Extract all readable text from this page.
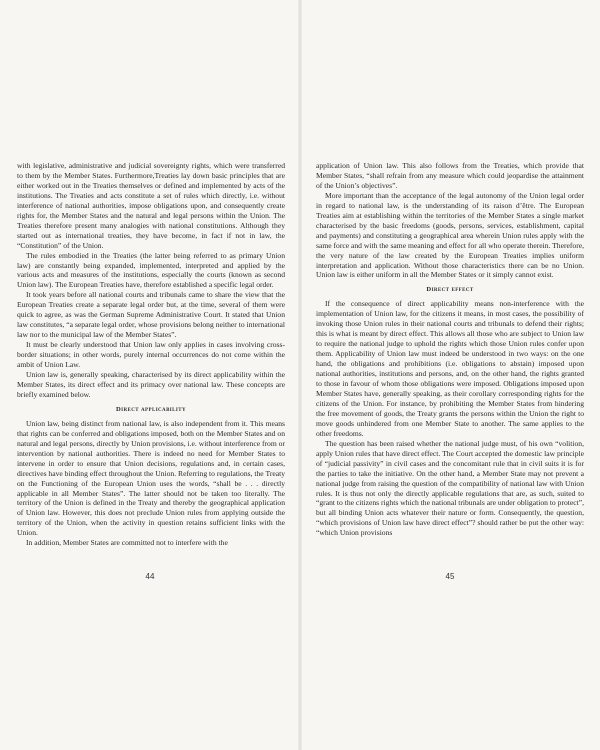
with legislative, administrative and judicial sovereignty rights, which were transferred to them by the Member States. Furthermore,Treaties lay down basic principles that are either worked out in the Treaties themselves or defined and implemented by acts of the institutions. The Treaties and acts constitute a set of rules which directly, i.e. without interference of national authorities, impose obligations upon, and consequently create rights for, the Member States and the natural and legal persons within the Union. The Treaties therefore present many analogies with national constitutions. Although they started out as international treaties, they have become, in fact if not in law, the “Constitution” of the Union.

The rules embodied in the Treaties (the latter being referred to as primary Union law) are constantly being expanded, implemented, interpreted and applied by the various acts and measures of the institutions, especially the courts (known as second Union law). The European Treaties have, therefore established a specific legal order.

It took years before all national courts and tribunals came to share the view that the European Treaties create a separate legal order but, at the time, several of them were quick to agree, as was the German Supreme Administrative Court. It stated that Union law constitutes, “a separate legal order, whose provisions belong neither to international law nor to the municipal law of the Member States”.

It must be clearly understood that Union law only applies in cases involving cross-border situations; in other words, purely internal occurrences do not come within the ambit of Union Law.

Union law is, generally speaking, characterised by its direct applicability within the Member States, its direct effect and its primacy over national law. These concepts are briefly examined below.

Direct applicability

Union law, being distinct from national law, is also independent from it. This means that rights can be conferred and obligations imposed, both on the Member States and on natural and legal persons, directly by Union provisions, i.e. without interference from or intervention by national authorities. There is indeed no need for Member States to intervene in order to ensure that Union decisions, regulations and, in certain cases, directives have binding effect throughout the Union. Referring to regulations, the Treaty on the Functioning of the European Union uses the words, “shall be . . . directly applicable in all Member States”. The latter should not be taken too literally. The territory of the Union is defined in the Treaty and thereby the geographical application of Union law. However, this does not preclude Union rules from applying outside the territory of the Union, when the activity in question retains sufficient links with the Union.

In addition, Member States are committed not to interfere with the

44

application of Union law. This also follows from the Treaties, which provide that Member States, “shall refrain from any measure which could jeopardise the attainment of the Union’s objectives”.

More important than the acceptance of the legal autonomy of the Union legal order in regard to national law, is the understanding of its raison d’être. The European Treaties aim at establishing within the territories of the Member States a single market characterised by the basic freedoms (goods, persons, services, establishment, capital and payments) and constituting a geographical area wherein Union rules apply with the same force and with the same meaning and effect for all who operate therein. Therefore, the very nature of the law created by the European Treaties implies uniform interpretation and application. Without those characteristics there can be no Union. Union law is either uniform in all the Member States or it simply cannot exist.

Direct effect

If the consequence of direct applicability means non-interference with the implementation of Union law, for the citizens it means, in most cases, the possibility of invoking those Union rules in their national courts and tribunals to defend their rights; this is what is meant by direct effect. This allows all those who are subject to Union law to require the national judge to uphold the rights which those Union rules confer upon them. Applicability of Union law must indeed be understood in two ways: on the one hand, the obligations and prohibitions (i.e. obligations to abstain) imposed upon national authorities, institutions and persons, and, on the other hand, the rights granted to those in favour of whom those obligations were imposed. Obligations imposed upon Member States have, generally speaking, as their corollary corresponding rights for the citizens of the Union. For instance, by prohibiting the Member States from hindering the free movement of goods, the Treaty grants the persons within the Union the right to move goods unhindered from one Member State to another. The same applies to the other freedoms.

The question has been raised whether the national judge must, of his own “volition, apply Union rules that have direct effect. The Court accepted the domestic law principle of “judicial passivity” in civil cases and the concomitant rule that in civil suits it is for the parties to take the initiative. On the other hand, a Member State may not prevent a national judge from raising the question of the compatibility of national law with Union rules. It is thus not only the directly applicable regulations that are, as such, suited to “grant to the citizens rights which the national tribunals are under obligation to protect”, but all binding Union acts whatever their nature or form. Consequently, the question, “which provisions of Union law have direct effect”? should rather be put the other way: “which Union provisions

45
